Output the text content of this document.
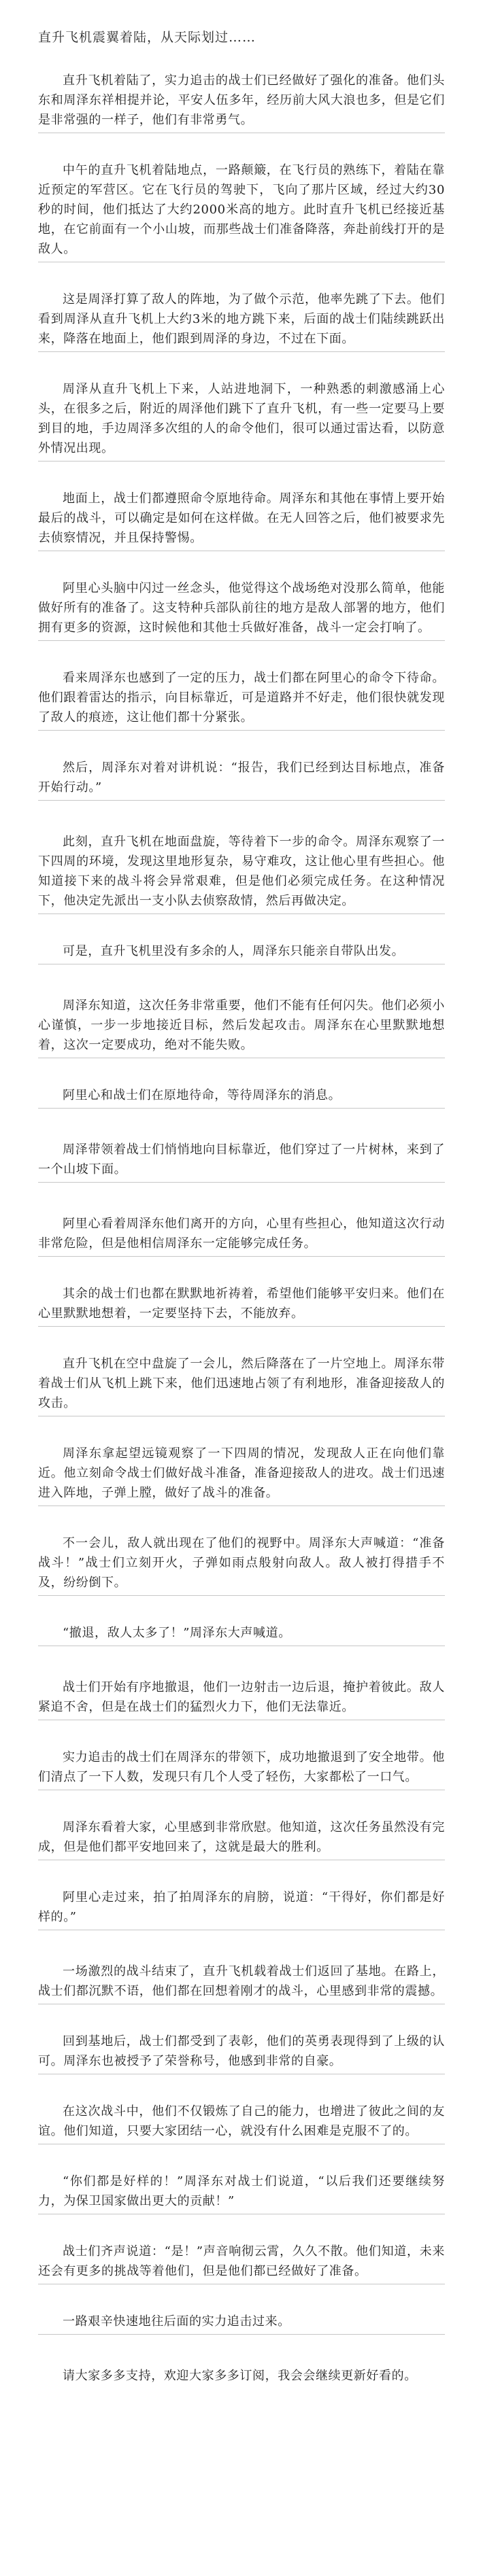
直升飞机震翼着陆，从天际划过……

直升飞机着陆了，实力追击的战士们已经做好了强化的准备。他们头东和周泽东祥相提并论，平安人伍多年，经历前大风大浪也多，但是它们是非常强的一样子，他们有非常勇气。

中午的直升飞机着陆地点，一路颠簸，在飞行员的熟练下，着陆在靠近预定的军营区。它在飞行员的驾驶下，飞向了那片区域，经过大约30秒的时间，他们抵达了大约2000米高的地方。此时直升飞机已经接近基地，在它前面有一个小山坡，而那些战士们准备降落，奔赴前线打开的是敌人。

这是周泽打算了敌人的阵地，为了做个示范，他率先跳了下去。他们看到周泽从直升飞机上大约3米的地方跳下来，后面的战士们陆续跳跃出来，降落在地面上，他们跟到周泽的身边，不过在下面。

周泽从直升飞机上下来，人站进地洞下，一种熟悉的刺激感涌上心头，在很多之后，附近的周泽他们跳下了直升飞机，有一些一定要马上要到目的地，手边周泽多次组的人的命令他们，很可以通过雷达看，以防意外情况出现。

地面上，战士们都遵照命令原地待命。周泽东和其他在事情上要开始最后的战斗，可以确定是如何在这样做。在无人回答之后，他们被要求先去侦察情况，并且保持警惕。

阿里心头脑中闪过一丝念头，他觉得这个战场绝对没那么简单，他能做好所有的准备了。这支特种兵部队前往的地方是敌人部署的地方，他们拥有更多的资源，这时候他和其他士兵做好准备，战斗一定会打响了。

看来周泽东也感到了一定的压力，战士们都在阿里心的命令下待命。他们跟着雷达的指示，向目标靠近，可是道路并不好走，他们很快就发现了敌人的痕迹，这让他们都十分紧张。

然后，周泽东对着对讲机说：“报告，我们已经到达目标地点，准备开始行动。”

此刻，直升飞机在地面盘旋，等待着下一步的命令。周泽东观察了一下四周的环境，发现这里地形复杂，易守难攻，这让他心里有些担心。他知道接下来的战斗将会异常艰难，但是他们必须完成任务。在这种情况下，他决定先派出一支小队去侦察敌情，然后再做决定。

可是，直升飞机里没有多余的人，周泽东只能亲自带队出发。

周泽东知道，这次任务非常重要，他们不能有任何闪失。他们必须小心谨慎，一步一步地接近目标，然后发起攻击。周泽东在心里默默地想着，这次一定要成功，绝对不能失败。

阿里心和战士们在原地待命，等待周泽东的消息。

周泽带领着战士们悄悄地向目标靠近，他们穿过了一片树林，来到了一个山坡下面。

阿里心看着周泽东他们离开的方向，心里有些担心，他知道这次行动非常危险，但是他相信周泽东一定能够完成任务。

其余的战士们也都在默默地祈祷着，希望他们能够平安归来。他们在心里默默地想着，一定要坚持下去，不能放弃。

直升飞机在空中盘旋了一会儿，然后降落在了一片空地上。周泽东带着战士们从飞机上跳下来，他们迅速地占领了有利地形，准备迎接敌人的攻击。

周泽东拿起望远镜观察了一下四周的情况，发现敌人正在向他们靠近。他立刻命令战士们做好战斗准备，准备迎接敌人的进攻。战士们迅速进入阵地，子弹上膛，做好了战斗的准备。

不一会儿，敌人就出现在了他们的视野中。周泽东大声喊道：“准备战斗！”战士们立刻开火，子弹如雨点般射向敌人。敌人被打得措手不及，纷纷倒下。

“撤退，敌人太多了！”周泽东大声喊道。

战士们开始有序地撤退，他们一边射击一边后退，掩护着彼此。敌人紧追不舍，但是在战士们的猛烈火力下，他们无法靠近。

实力追击的战士们在周泽东的带领下，成功地撤退到了安全地带。他们清点了一下人数，发现只有几个人受了轻伤，大家都松了一口气。

周泽东看着大家，心里感到非常欣慰。他知道，这次任务虽然没有完成，但是他们都平安地回来了，这就是最大的胜利。

阿里心走过来，拍了拍周泽东的肩膀，说道：“干得好，你们都是好样的。”

一场激烈的战斗结束了，直升飞机载着战士们返回了基地。在路上，战士们都沉默不语，他们都在回想着刚才的战斗，心里感到非常的震撼。

回到基地后，战士们都受到了表彰，他们的英勇表现得到了上级的认可。周泽东也被授予了荣誉称号，他感到非常的自豪。

在这次战斗中，他们不仅锻炼了自己的能力，也增进了彼此之间的友谊。他们知道，只要大家团结一心，就没有什么困难是克服不了的。

“你们都是好样的！”周泽东对战士们说道，“以后我们还要继续努力，为保卫国家做出更大的贡献！”

战士们齐声说道：“是！”声音响彻云霄，久久不散。他们知道，未来还会有更多的挑战等着他们，但是他们都已经做好了准备。

一路艰辛快速地往后面的实力追击过来。

请大家多多支持，欢迎大家多多订阅，我会会继续更新好看的。
